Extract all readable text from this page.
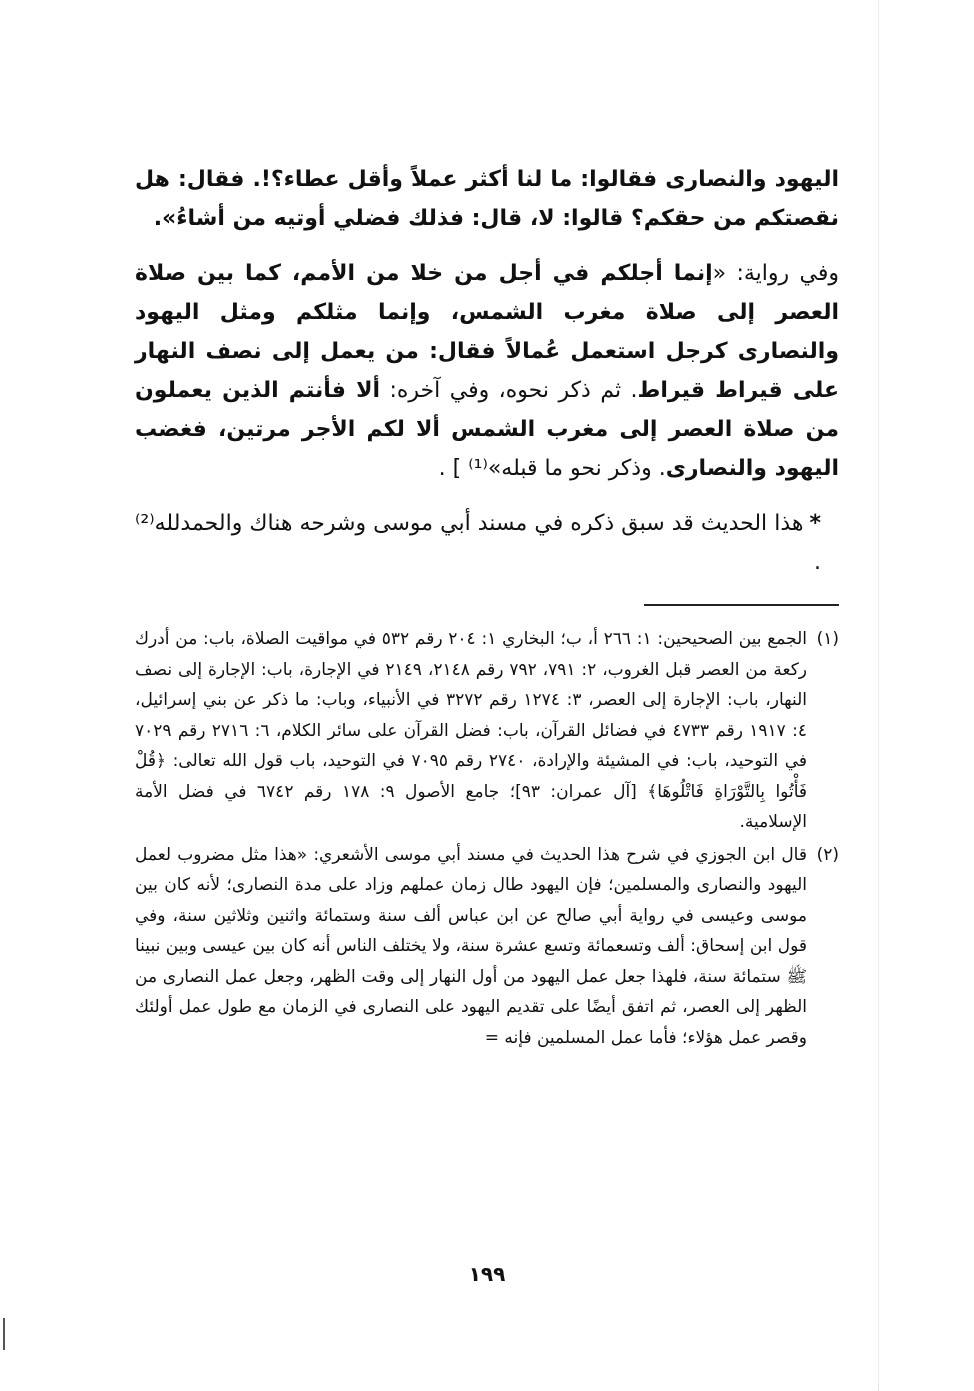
اليهود والنصارى فقالوا: ما لنا أكثر عملاً وأقل عطاء؟!. فقال: هل نقصتكم من حقكم؟ قالوا: لا، قال: فذلك فضلي أوتيه من أشاءُ».

وفي رواية: «إنما أجلكم في أجل من خلا من الأمم، كما بين صلاة العصر إلى صلاة مغرب الشمس، وإنما مثلكم ومثل اليهود والنصارى كرجل استعمل عُمالاً فقال: من يعمل إلى نصف النهار على قيراط قيراط. ثم ذكر نحوه، وفي آخره: ألا فأنتم الذين يعملون من صلاة العصر إلى مغرب الشمس ألا لكم الأجر مرتين، فغضب اليهود والنصارى. وذكر نحو ما قبله»⁽¹⁾ ] .

*هذا الحديث قد سبق ذكره في مسند أبي موسى وشرحه هناك والحمدلله⁽²⁾ .

(١)
الجمع بين الصحيحين: ١: ٢٦٦ أ، ب؛ البخاري ١: ٢٠٤ رقم ٥٣٢ في مواقيت الصلاة، باب: من أدرك ركعة من العصر قبل الغروب، ٢: ٧٩١، ٧٩٢ رقم ٢١٤٨، ٢١٤٩ في الإجارة، باب: الإجارة إلى نصف النهار، باب: الإجارة إلى العصر، ٣: ١٢٧٤ رقم ٣٢٧٢ في الأنبياء، وباب: ما ذكر عن بني إسرائيل، ٤: ١٩١٧ رقم ٤٧٣٣ في فضائل القرآن، باب: فضل القرآن على سائر الكلام، ٦: ٢٧١٦ رقم ٧٠٢٩ في التوحيد، باب: في المشيئة والإرادة، ٢٧٤٠ رقم ٧٠٩٥ في التوحيد، باب قول الله تعالى: ﴿قُلْ فَأْتُوا بِالتَّوْرَاةِ فَاتْلُوهَا﴾ [آل عمران: ٩٣]؛ جامع الأصول ٩: ١٧٨ رقم ٦٧٤٢ في فضل الأمة الإسلامية.
(٢)
قال ابن الجوزي في شرح هذا الحديث في مسند أبي موسى الأشعري: «هذا مثل مضروب لعمل اليهود والنصارى والمسلمين؛ فإن اليهود طال زمان عملهم وزاد على مدة النصارى؛ لأنه كان بين موسى وعيسى في رواية أبي صالح عن ابن عباس ألف سنة وستمائة واثنين وثلاثين سنة، وفي قول ابن إسحاق: ألف وتسعمائة وتسع عشرة سنة، ولا يختلف الناس أنه كان بين عيسى وبين نبينا ﷺ ستمائة سنة، فلهذا جعل عمل اليهود من أول النهار إلى وقت الظهر، وجعل عمل النصارى من الظهر إلى العصر، ثم اتفق أيضًا على تقديم اليهود على النصارى في الزمان مع طول عمل أولئك وقصر عمل هؤلاء؛ فأما عمل المسلمين فإنه =
١٩٩
